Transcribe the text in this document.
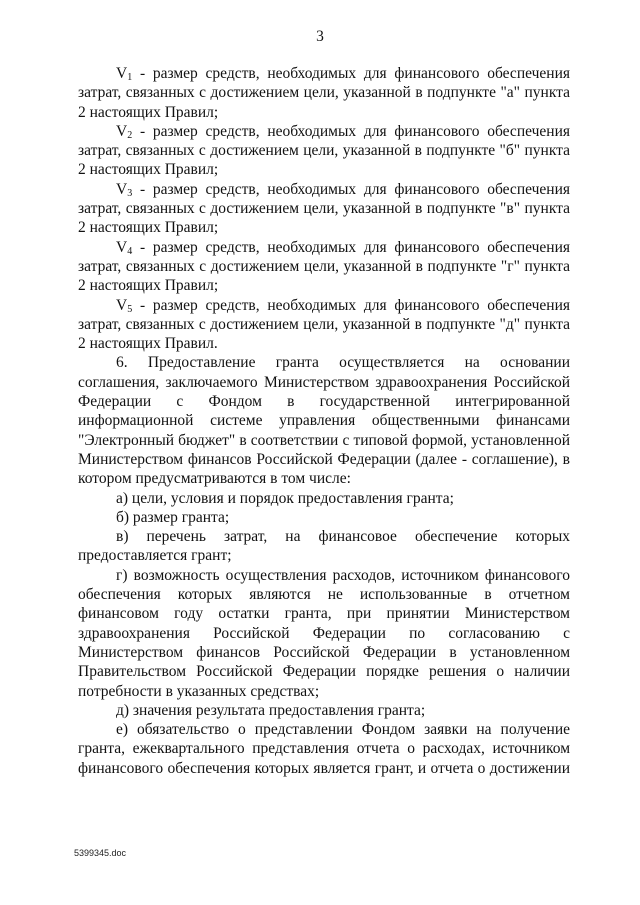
3

$V_1$ - размер средств, необходимых для финансового обеспечения затрат, связанных с достижением цели, указанной в подпункте "а" пункта 2 настоящих Правил;

$V_2$ - размер средств, необходимых для финансового обеспечения затрат, связанных с достижением цели, указанной в подпункте "б" пункта 2 настоящих Правил;

$V_3$ - размер средств, необходимых для финансового обеспечения затрат, связанных с достижением цели, указанной в подпункте "в" пункта 2 настоящих Правил;

$V_4$ - размер средств, необходимых для финансового обеспечения затрат, связанных с достижением цели, указанной в подпункте "г" пункта 2 настоящих Правил;

$V_5$ - размер средств, необходимых для финансового обеспечения затрат, связанных с достижением цели, указанной в подпункте "д" пункта 2 настоящих Правил.

6. Предоставление гранта осуществляется на основании соглашения, заключаемого Министерством здравоохранения Российской Федерации с Фондом в государственной интегрированной информационной системе управления общественными финансами "Электронный бюджет" в соответствии с типовой формой, установленной Министерством финансов Российской Федерации (далее - соглашение), в котором предусматриваются в том числе:

а) цели, условия и порядок предоставления гранта;

б) размер гранта;

в) перечень затрат, на финансовое обеспечение которых предоставляется грант;

г) возможность осуществления расходов, источником финансового обеспечения которых являются не использованные в отчетном финансовом году остатки гранта, при принятии Министерством здравоохранения Российской Федерации по согласованию с Министерством финансов Российской Федерации в установленном Правительством Российской Федерации порядке решения о наличии потребности в указанных средствах;

д) значения результата предоставления гранта;

е) обязательство о представлении Фондом заявки на получение гранта, ежеквартального представления отчета о расходах, источником финансового обеспечения которых является грант, и отчета о достижении

5399345.doc
